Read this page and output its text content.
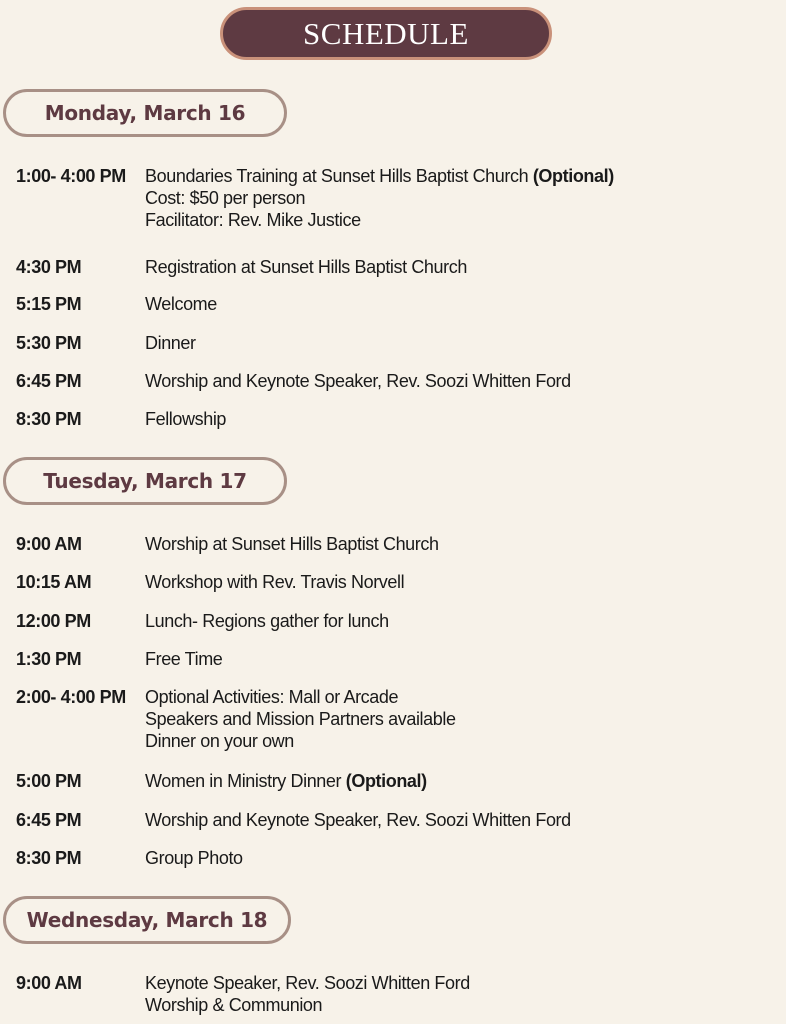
SCHEDULE
Monday, March 16
1:00- 4:00 PM	Boundaries Training at Sunset Hills Baptist Church (Optional)
Cost: $50 per person
Facilitator: Rev. Mike Justice
4:30 PM	Registration at Sunset Hills Baptist Church
5:15 PM	Welcome
5:30 PM	Dinner
6:45 PM	Worship and Keynote Speaker, Rev. Soozi Whitten Ford
8:30 PM	Fellowship
Tuesday, March 17
9:00 AM	Worship at Sunset Hills Baptist Church
10:15 AM	Workshop with Rev. Travis Norvell
12:00 PM	Lunch- Regions gather for lunch
1:30 PM	Free Time
2:00- 4:00 PM	Optional Activities: Mall or Arcade
Speakers and Mission Partners available
Dinner on your own
5:00 PM	Women in Ministry Dinner (Optional)
6:45 PM	Worship and Keynote Speaker, Rev. Soozi Whitten Ford
8:30 PM	Group Photo
Wednesday, March 18
9:00 AM	Keynote Speaker, Rev. Soozi Whitten Ford
Worship & Communion
